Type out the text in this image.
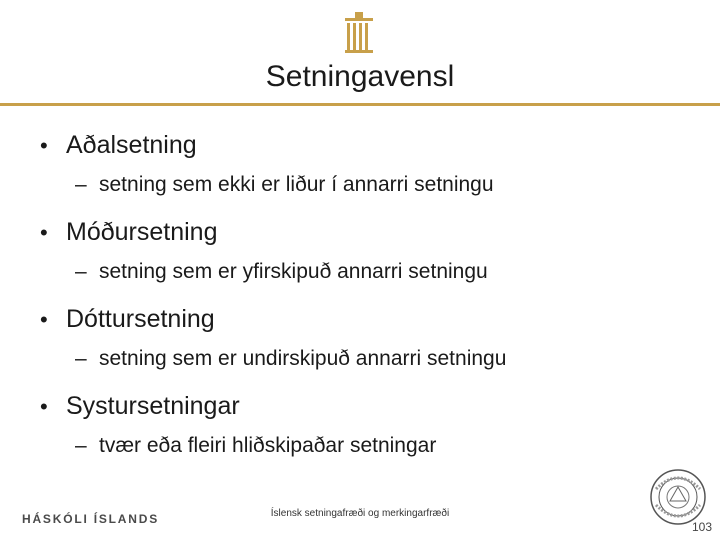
Setningavensl
• Aðalsetning
– setning sem ekki er liður í annarri setningu
• Móðursetning
– setning sem er yfirskipuð annarri setningu
• Dóttursetning
– setning sem er undirskipuð annarri setningu
• Systursetningar
– tvær eða fleiri hliðskipaðar setningar
HÁSKÓLI ÍSLANDS	Íslensk setningafræði og merkingarfræði
103
